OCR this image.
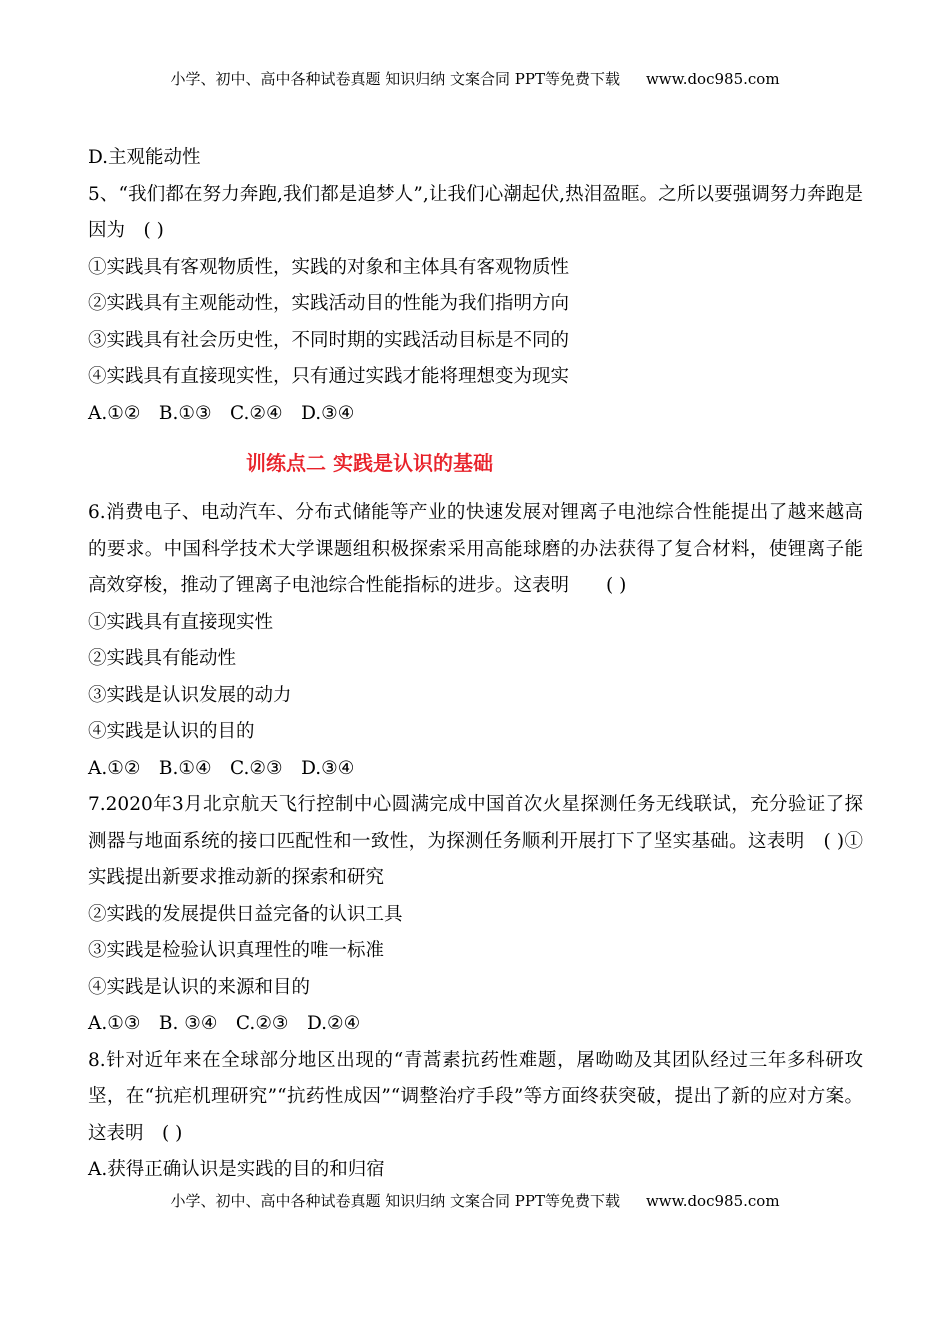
小学、初中、高中各种试卷真题 知识归纳 文案合同 PPT等免费下载 www.doc985.com
D.主观能动性
5、“我们都在努力奔跑,我们都是追梦人”,让我们心潮起伏,热泪盈眶。之所以要强调努力奔跑是因为　( )
①实践具有客观物质性，实践的对象和主体具有客观物质性
②实践具有主观能动性，实践活动目的性能为我们指明方向
③实践具有社会历史性，不同时期的实践活动目标是不同的
④实践具有直接现实性，只有通过实践才能将理想变为现实
A.①②　B.①③　C.②④　D.③④
训练点二 实践是认识的基础
6.消费电子、电动汽车、分布式储能等产业的快速发展对锂离子电池综合性能提出了越来越高的要求。中国科学技术大学课题组积极探索采用高能球磨的办法获得了复合材料，使锂离子能高效穿梭，推动了锂离子电池综合性能指标的进步。这表明　　( )
①实践具有直接现实性
②实践具有能动性
③实践是认识发展的动力
④实践是认识的目的
A.①②　B.①④　C.②③　D.③④
7.2020年3月北京航天飞行控制中心圆满完成中国首次火星探测任务无线联试，充分验证了探测器与地面系统的接口匹配性和一致性，为探测任务顺利开展打下了坚实基础。这表明　( )① 实践提出新要求推动新的探索和研究
②实践的发展提供日益完备的认识工具
③实践是检验认识真理性的唯一标准
④实践是认识的来源和目的
A.①③　B. ③④　C.②③　D.②④
8.针对近年来在全球部分地区出现的“青蒿素抗药性难题，屠呦呦及其团队经过三年多科研攻坚，在“抗疟机理研究”“抗药性成因”“调整治疗手段”等方面终获突破，提出了新的应对方案。这表明　( )
A.获得正确认识是实践的目的和归宿
小学、初中、高中各种试卷真题 知识归纳 文案合同 PPT等免费下载 www.doc985.com
